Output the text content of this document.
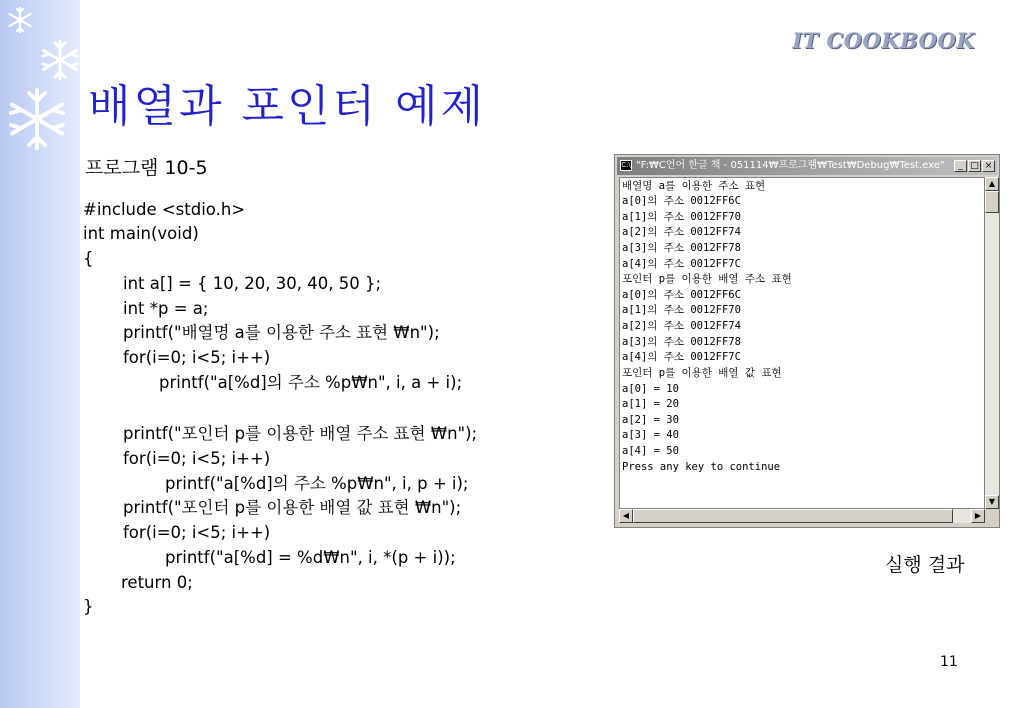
IT COOKBOOK
배열과 포인터 예제
프로그램 10-5
#include <stdio.h>
int main(void)
{
int a[] = { 10, 20, 30, 40, 50 };
int *p = a;
printf("배열명 a를 이용한 주소 표현 ₩n");
for(i=0; i<5; i++)
printf("a[%d]의 주소 %p₩n", i, a + i);
printf("포인터 p를 이용한 배열 주소 표현 ₩n");
for(i=0; i<5; i++)
printf("a[%d]의 주소 %p₩n", i, p + i);
printf("포인터 p를 이용한 배열 값 표현 ₩n");
for(i=0; i<5; i++)
printf("a[%d] = %d₩n", i, *(p + i));
return 0;
}
C:\ "F:₩C언어 한글 책 - 051114₩프로그램₩Test₩Debug₩Test.exe"	_ □ ×
배열명 a를 이용한 주소 표현
a[0]의 주소 0012FF6C
a[1]의 주소 0012FF70
a[2]의 주소 0012FF74
a[3]의 주소 0012FF78
a[4]의 주소 0012FF7C
포인터 p를 이용한 배열 주소 표현
a[0]의 주소 0012FF6C
a[1]의 주소 0012FF70
a[2]의 주소 0012FF74
a[3]의 주소 0012FF78
a[4]의 주소 0012FF7C
포인터 p를 이용한 배열 값 표현
a[0] = 10
a[1] = 20
a[2] = 30
a[3] = 40
a[4] = 50
Press any key to continue
▲
▼
◀	▶
실행 결과
11
